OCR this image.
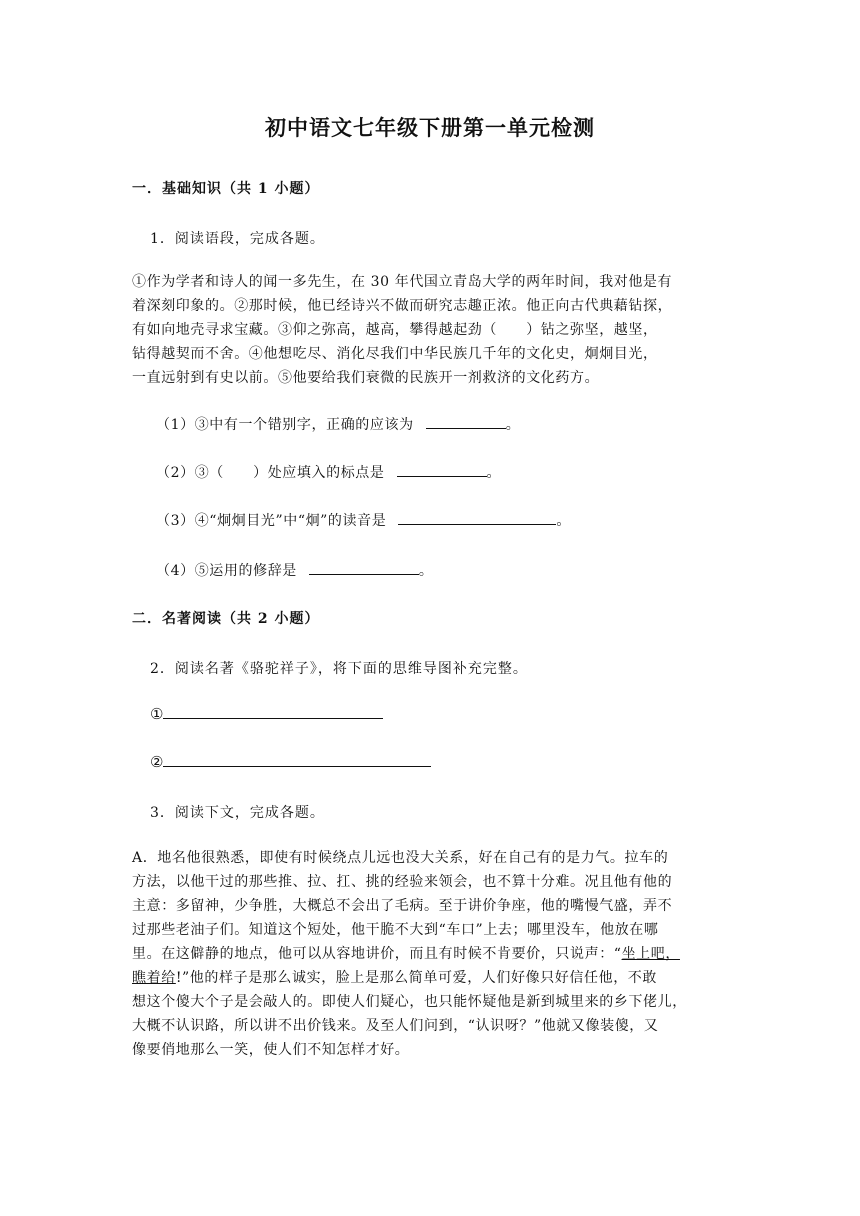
初中语文七年级下册第一单元检测
一．基础知识（共 1 小题）
1．阅读语段，完成各题。
①作为学者和诗人的闻一多先生，在 30 年代国立青岛大学的两年时间，我对他是有
着深刻印象的。②那时候，他已经诗兴不做而研究志趣正浓。他正向古代典藉钻探，
有如向地壳寻求宝藏。③仰之弥高，越高，攀得越起劲（　　）钻之弥坚，越坚，
钻得越契而不舍。④他想吃尽、消化尽我们中华民族几千年的文化史，炯炯目光，
一直远射到有史以前。⑤他要给我们衰微的民族开一剂救济的文化药方。
（1）③中有一个错别字，正确的应该为	。
（2）③（　　）处应填入的标点是	。
（3）④“炯炯目光”中“炯”的读音是	。
（4）⑤运用的修辞是	。
二．名著阅读（共 2 小题）
2．阅读名著《骆驼祥子》，将下面的思维导图补充完整。
①
②
3．阅读下文，完成各题。
A．地名他很熟悉，即使有时候绕点儿远也没大关系，好在自己有的是力气。拉车的
方法，以他干过的那些推、拉、扛、挑的经验来领会，也不算十分难。况且他有他的
主意：多留神，少争胜，大概总不会出了毛病。至于讲价争座，他的嘴慢气盛，弄不
过那些老油子们。知道这个短处，他干脆不大到“车口”上去；哪里没车，他放在哪
里。在这僻静的地点，他可以从容地讲价，而且有时候不肯要价，只说声：“坐上吧，
瞧着给!”他的样子是那么诚实，脸上是那么简单可爱，人们好像只好信任他，不敢
想这个傻大个子是会敲人的。即使人们疑心，也只能怀疑他是新到城里来的乡下佬儿，
大概不认识路，所以讲不出价钱来。及至人们问到，“认识呀？”他就又像装傻，又
像要俏地那么一笑，使人们不知怎样才好。
